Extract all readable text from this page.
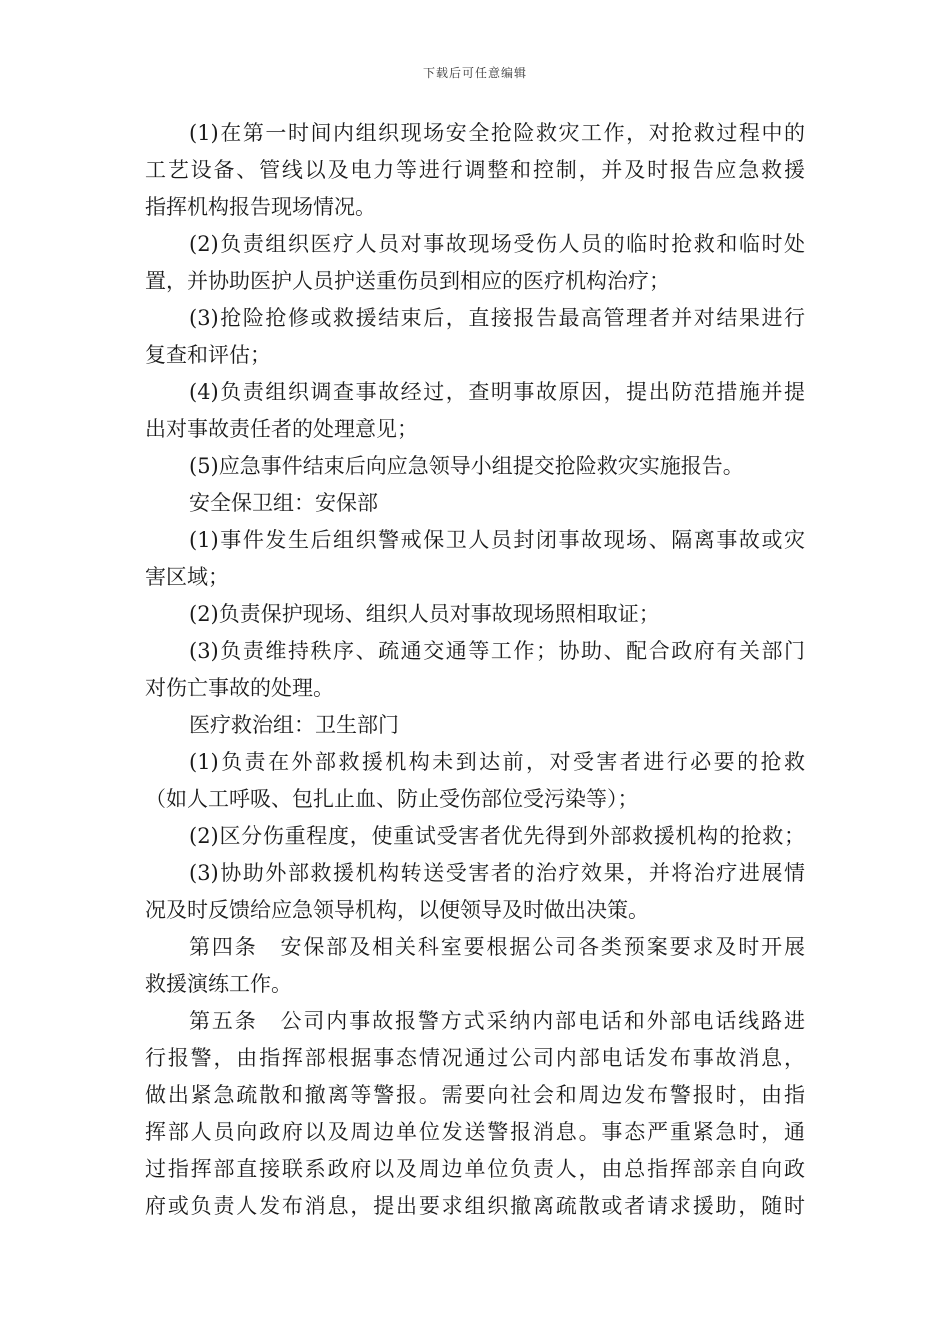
下载后可任意编辑
(1)在第一时间内组织现场安全抢险救灾工作，对抢救过程中的
工艺设备、管线以及电力等进行调整和控制，并及时报告应急救援
指挥机构报告现场情况。
(2)负责组织医疗人员对事故现场受伤人员的临时抢救和临时处
置，并协助医护人员护送重伤员到相应的医疗机构治疗；
(3)抢险抢修或救援结束后，直接报告最高管理者并对结果进行
复查和评估；
(4)负责组织调查事故经过，查明事故原因，提出防范措施并提
出对事故责任者的处理意见；
(5)应急事件结束后向应急领导小组提交抢险救灾实施报告。
安全保卫组：安保部
(1)事件发生后组织警戒保卫人员封闭事故现场、隔离事故或灾
害区域；
(2)负责保护现场、组织人员对事故现场照相取证；
(3)负责维持秩序、疏通交通等工作；协助、配合政府有关部门
对伤亡事故的处理。
医疗救治组：卫生部门
(1)负责在外部救援机构未到达前，对受害者进行必要的抢救
（如人工呼吸、包扎止血、防止受伤部位受污染等）；
(2)区分伤重程度，使重试受害者优先得到外部救援机构的抢救；
(3)协助外部救援机构转送受害者的治疗效果，并将治疗进展情
况及时反馈给应急领导机构，以便领导及时做出决策。
第四条　安保部及相关科室要根据公司各类预案要求及时开展
救援演练工作。
第五条　公司内事故报警方式采纳内部电话和外部电话线路进
行报警，由指挥部根据事态情况通过公司内部电话发布事故消息，
做出紧急疏散和撤离等警报。需要向社会和周边发布警报时，由指
挥部人员向政府以及周边单位发送警报消息。事态严重紧急时，通
过指挥部直接联系政府以及周边单位负责人，由总指挥部亲自向政
府或负责人发布消息，提出要求组织撤离疏散或者请求援助，随时
